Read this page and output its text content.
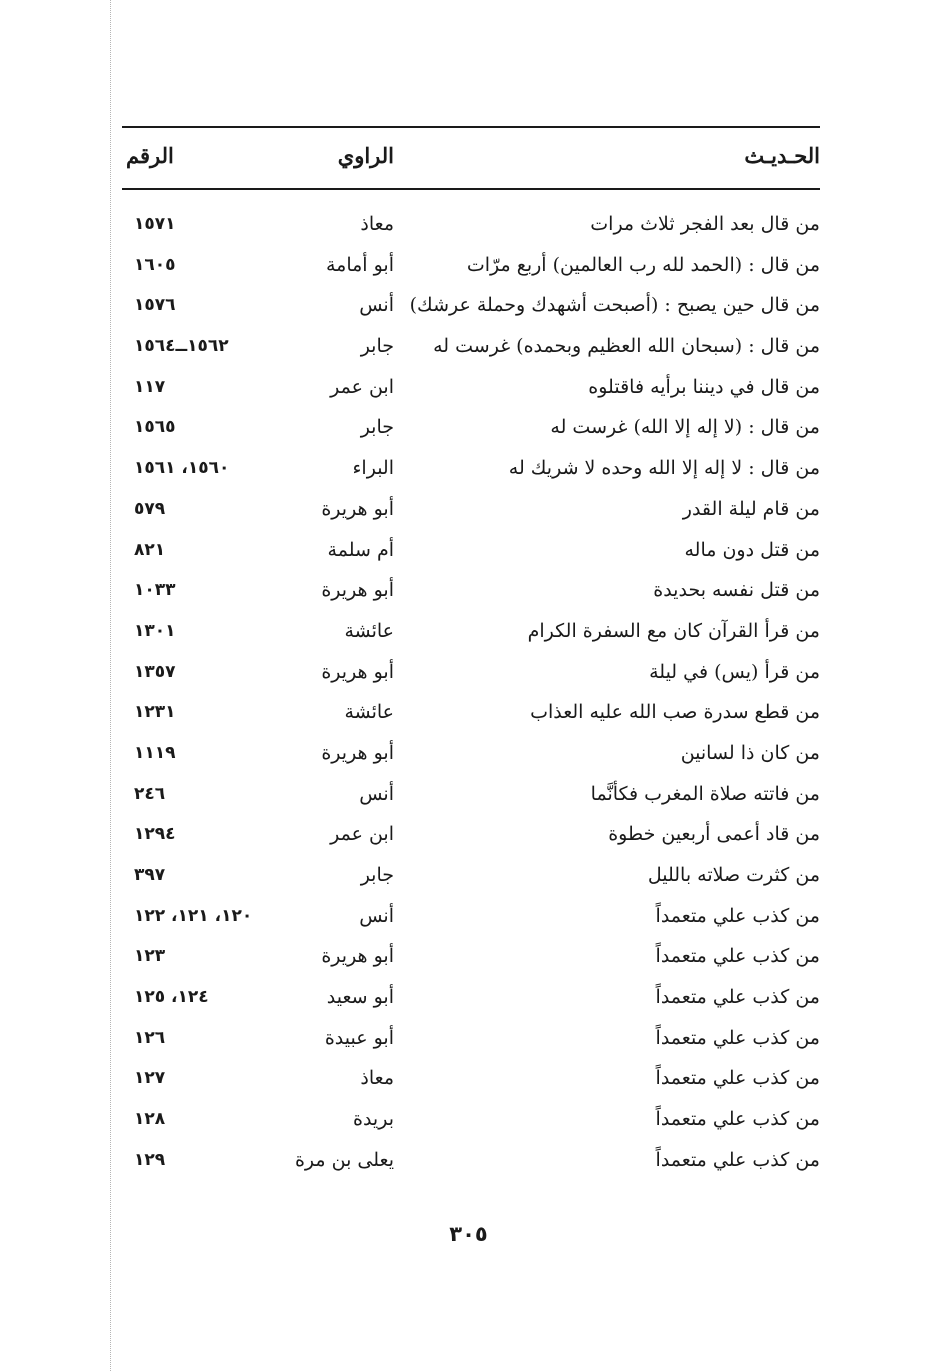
الحـديـث
الراوي
الرقم
من قال بعد الفجر ثلاث مرات
معاذ
١٥٧١
من قال : (الحمد لله رب العالمين) أربع مرّات
أبو أمامة
١٦٠٥
من قال حين يصبح : (أصبحت أشهدك وحملة عرشك)
أنس
١٥٧٦
من قال : (سبحان الله العظيم وبحمده) غرست له
جابر
١٥٦٢ــ١٥٦٤
من قال في ديننا برأيه فاقتلوه
ابن عمر
١١٧
من قال : (لا إله إلا الله) غرست له
جابر
١٥٦٥
من قال : لا إله إلا الله وحده لا شريك له
البراء
١٥٦٠، ١٥٦١
من قام ليلة القدر
أبو هريرة
٥٧٩
من قتل دون ماله
أم سلمة
٨٢١
من قتل نفسه بحديدة
أبو هريرة
١٠٣٣
من قرأ القرآن كان مع السفرة الكرام
عائشة
١٣٠١
من قرأ (يس) في ليلة
أبو هريرة
١٣٥٧
من قطع سدرة صب الله عليه العذاب
عائشة
١٢٣١
من كان ذا لسانين
أبو هريرة
١١١٩
من فاتته صلاة المغرب فكأنَّما
أنس
٢٤٦
من قاد أعمى أربعين خطوة
ابن عمر
١٢٩٤
من كثرت صلاته بالليل
جابر
٣٩٧
من كذب علي متعمداً
أنس
١٢٠، ١٢١، ١٢٢
من كذب علي متعمداً
أبو هريرة
١٢٣
من كذب علي متعمداً
أبو سعيد
١٢٤، ١٢٥
من كذب علي متعمداً
أبو عبيدة
١٢٦
من كذب علي متعمداً
معاذ
١٢٧
من كذب علي متعمداً
بريدة
١٢٨
من كذب علي متعمداً
يعلى بن مرة
١٢٩
٣٠٥
